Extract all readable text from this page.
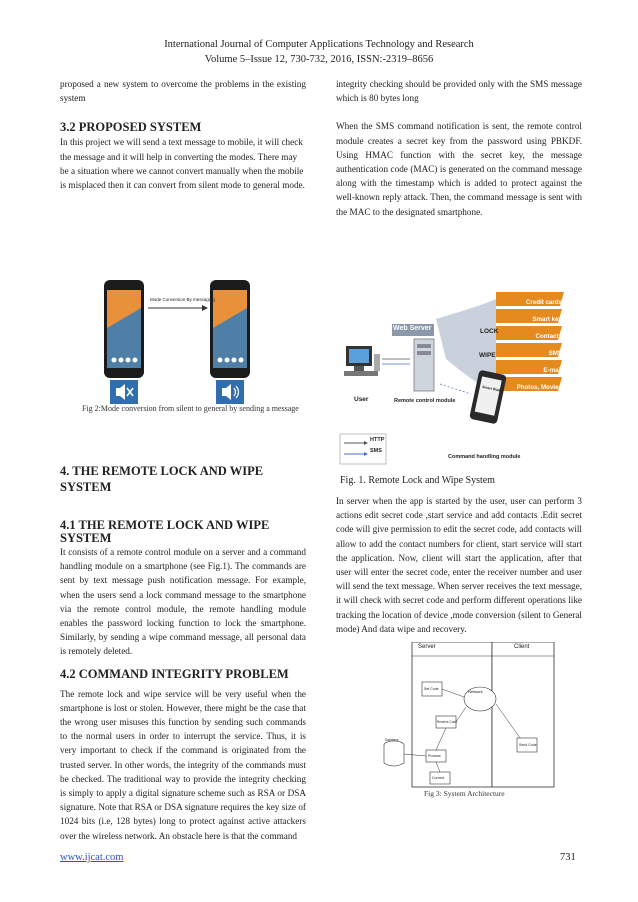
International Journal of Computer Applications Technology and Research
Volume 5–Issue 12, 730-732, 2016, ISSN:-2319–8656

proposed a new system to overcome the problems in the existing system

3.2 PROPOSED SYSTEM

In this project we will send a text message to mobile, it will check the message and it will help in converting the modes. There may be a situation where we cannot convert manually when the mobile is misplaced then it can convert from silent mode to general mode.

Mode Conversion By messaging
Fig 2:Mode conversion from silent to general by sending a message

4. THE REMOTE LOCK AND WIPE SYSTEM

4.1 THE REMOTE LOCK AND WIPE SYSTEM

It consists of a remote control module on a server and a command handling module on a smartphone (see Fig.1). The commands are sent by text message push notification message. For example, when the users send a lock command message to the smartphone via the remote control module, the remote handling module enables the password locking function to lock the smartphone. Similarly, by sending a wipe command message, all personal data is remotely deleted.

4.2 COMMAND INTEGRITY PROBLEM

The remote lock and wipe service will be very useful when the smartphone is lost or stolen. However, there might be the case that the wrong user misuses this function by sending such commands to the normal users in order to interrupt the service. Thus, it is very important to check if the command is originated from the trusted server. In other words, the integrity of the commands must be checked. The traditional way to provide the integrity checking is simply to apply a digital signature scheme such as RSA or DSA signature. Note that RSA or DSA signature requires the key size of 1024 bits (i.e, 128 bytes) long to protect against active attackers over the wireless network. An obstacle here is that the command

integrity checking should be provided only with the SMS message which is 80 bytes long

When the SMS command notification is sent, the remote control module creates a secret key from the password using PBKDF. Using HMAC function with the secret key, the message authentication code (MAC) is generated on the command message along with the timestamp which is added to protect against the well-known reply attack. Then, the command message is sent with the MAC to the designated smartphone.

Credit cards
Smart key
Contacts
SMS
E-mail
Photos, Movies
Web Server	LOCK
WIPE
Smart Wallet
User	Remote control module
Command handling module
HTTP
SMS
Fig. 1. Remote Lock and Wipe System

In server when the app is started by the user, user can perform 3 actions edit secret code ,start service and add contacts .Edit secret code will give permission to edit the secret code, add contacts will allow to add the contact numbers for client, start service will start the application. Now, client will start the application, after that user will enter the secret code, enter the receiver number and user will send the text message. When server receives the text message, it will check with secret code and perform different operations like tracking the location of device ,mode conversion (silent to General mode) And data wipe and recovery.

Server	Client
Network
Set Code
Receive Code
Process
Convert
Database
Send Code
Fig 3: System Architecture
www.ijcat.com	731
